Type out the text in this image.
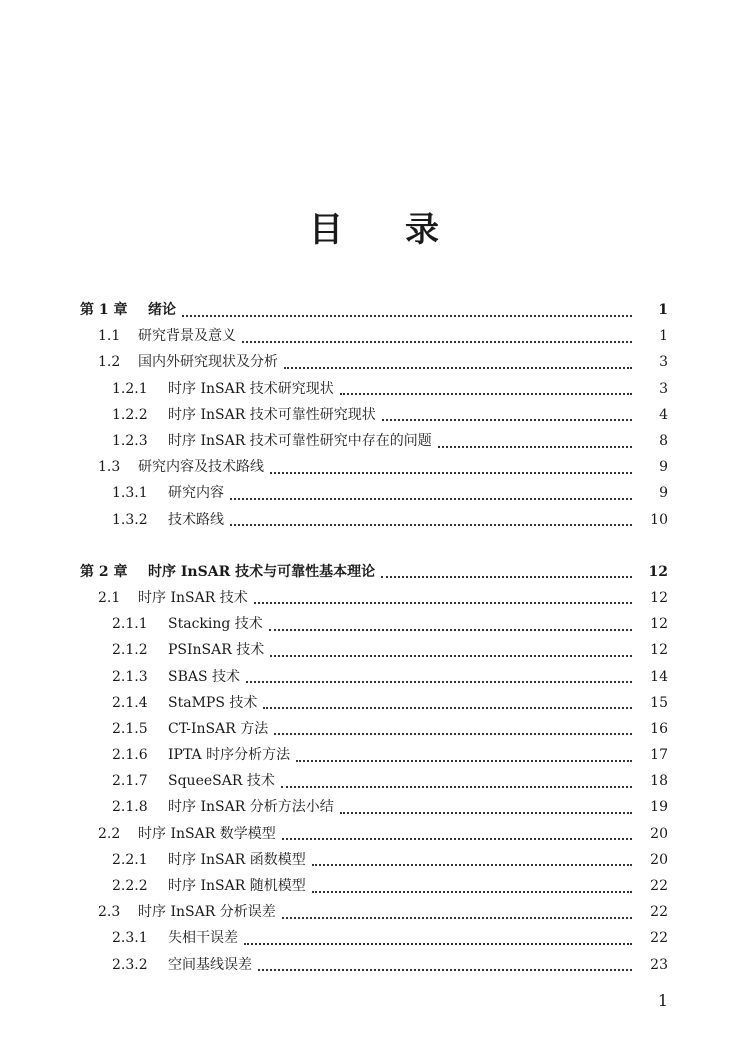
目 录
第 1 章	绪论	1
1.1	研究背景及意义	1
1.2	国内外研究现状及分析	3
1.2.1	时序 InSAR 技术研究现状	3
1.2.2	时序 InSAR 技术可靠性研究现状	4
1.2.3	时序 InSAR 技术可靠性研究中存在的问题	8
1.3	研究内容及技术路线	9
1.3.1	研究内容	9
1.3.2	技术路线	10
第 2 章	时序 InSAR 技术与可靠性基本理论	12
2.1	时序 InSAR 技术	12
2.1.1	Stacking 技术	12
2.1.2	PSInSAR 技术	12
2.1.3	SBAS 技术	14
2.1.4	StaMPS 技术	15
2.1.5	CT-InSAR 方法	16
2.1.6	IPTA 时序分析方法	17
2.1.7	SqueeSAR 技术	18
2.1.8	时序 InSAR 分析方法小结	19
2.2	时序 InSAR 数学模型	20
2.2.1	时序 InSAR 函数模型	20
2.2.2	时序 InSAR 随机模型	22
2.3	时序 InSAR 分析误差	22
2.3.1	失相干误差	22
2.3.2	空间基线误差	23
1
